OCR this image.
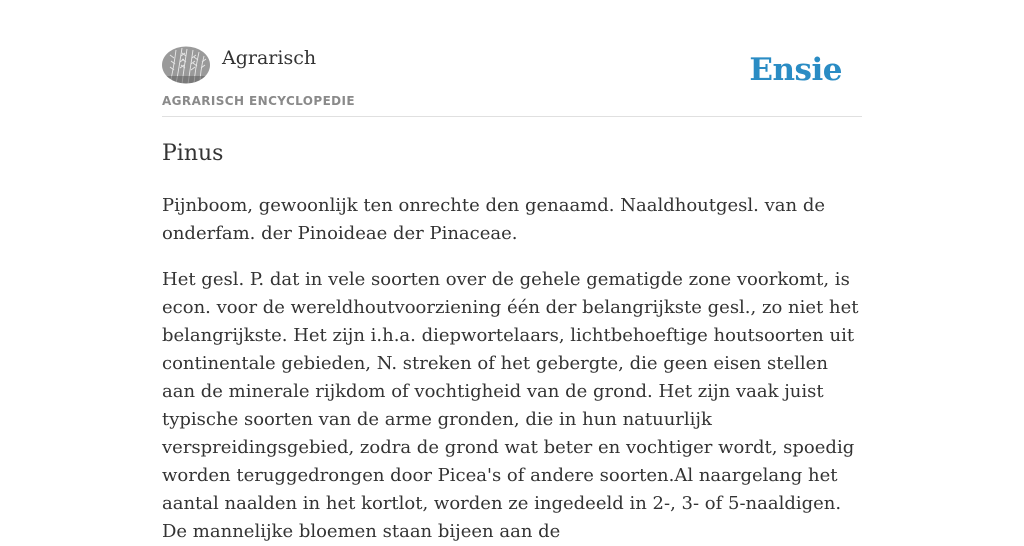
Agrarisch
AGRARISCH ENCYCLOPEDIE
Ensie
Pinus

Pijnboom, gewoonlijk ten onrechte den genaamd. Naaldhoutgesl. van de onderfam. der Pinoideae der Pinaceae.

Het gesl. P. dat in vele soorten over de gehele gematigde zone voorkomt, is econ. voor de wereldhoutvoorziening één der belangrijkste gesl., zo niet het belangrijkste. Het zijn i.h.a. diepwortelaars, lichtbehoeftige houtsoorten uit continentale gebieden, N. streken of het gebergte, die geen eisen stellen aan de minerale rijkdom of vochtigheid van de grond. Het zijn vaak juist typische soorten van de arme gronden, die in hun natuurlijk verspreidingsgebied, zodra de grond wat beter en vochtiger wordt, spoedig worden teruggedrongen door Picea's of andere soorten.Al naargelang het aantal naalden in het kortlot, worden ze ingedeeld in 2-, 3- of 5-naaldigen. De mannelijke bloemen staan bijeen aan de
